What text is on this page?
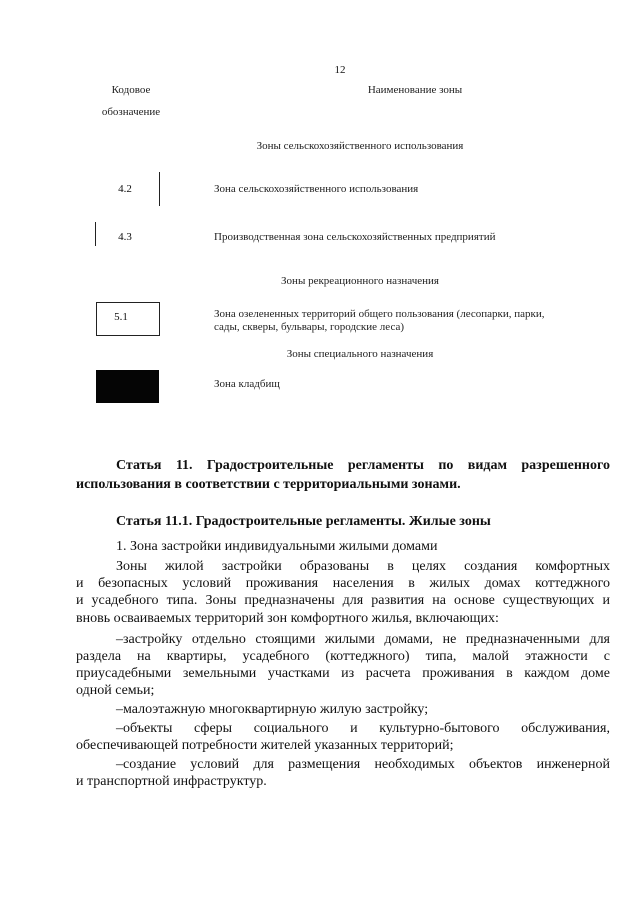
12
Кодовое
обозначение
Наименование зоны
Зоны сельскохозяйственного использования
4.2	Зона сельскохозяйственного использования
4.3	Производственная зона сельскохозяйственных предприятий
Зоны рекреационного назначения
5.1	Зона озелененных территорий общего пользования (лесопарки, парки,
сады, скверы, бульвары, городские леса)
Зоны специального назначения
Зона кладбищ
Статья 11. Градостроительные регламенты по видам разрешенного
использования в соответствии с территориальными зонами.
Статья 11.1. Градостроительные регламенты. Жилые зоны
1. Зона застройки индивидуальными жилыми домами
Зоны жилой застройки образованы в целях создания комфортных
и безопасных условий проживания населения в жилых домах коттеджного
и усадебного типа. Зоны предназначены для развития на основе существующих и
вновь осваиваемых территорий зон комфортного жилья, включающих:
–застройку отдельно стоящими жилыми домами, не предназначенными для
раздела на квартиры, усадебного (коттеджного) типа, малой этажности с
приусадебными земельными участками из расчета проживания в каждом доме
одной семьи;
–малоэтажную многоквартирную жилую застройку;
–объекты сферы социального и культурно-бытового обслуживания,
обеспечивающей потребности жителей указанных территорий;
–создание условий для размещения необходимых объектов инженерной
и транспортной инфраструктур.
